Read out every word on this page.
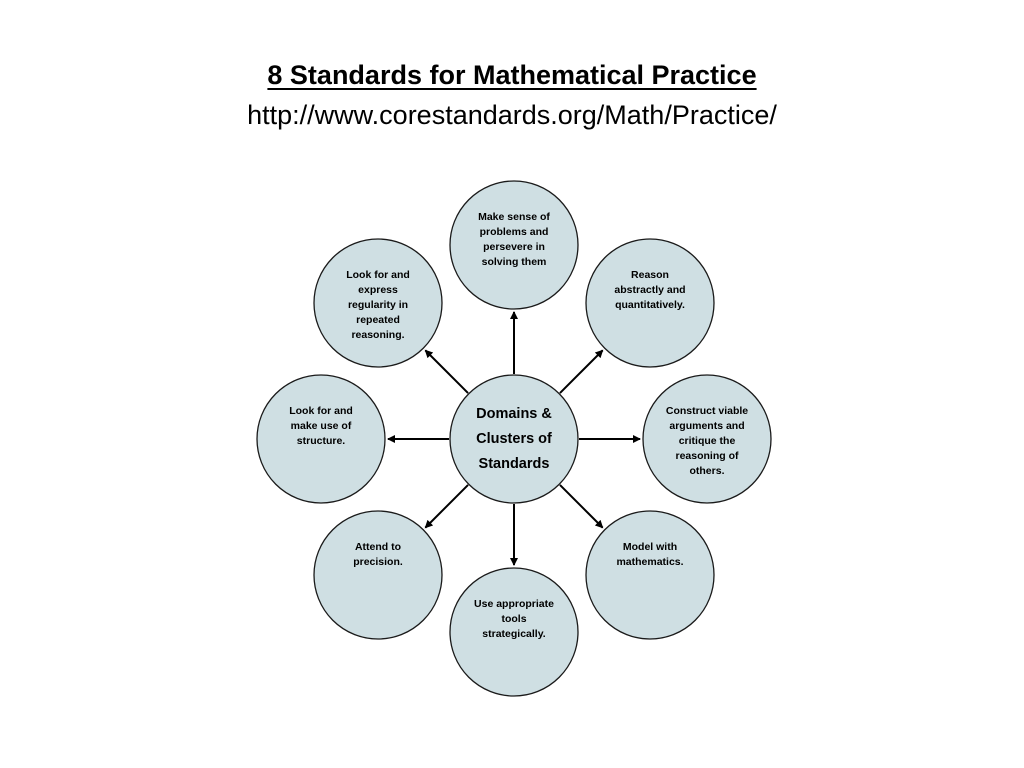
8 Standards for Mathematical Practice
http://www.corestandards.org/Math/Practice/
Make sense of
problems and
persevere in
solving them
Reason
abstractly and
quantitatively.
Construct viable
arguments and
critique the
reasoning of
others.
Model with
mathematics.
Use appropriate
tools
strategically.
Attend to
precision.
Look for and
make use of
structure.
Look for and
express
regularity in
repeated
reasoning.
Domains &
Clusters of
Standards
